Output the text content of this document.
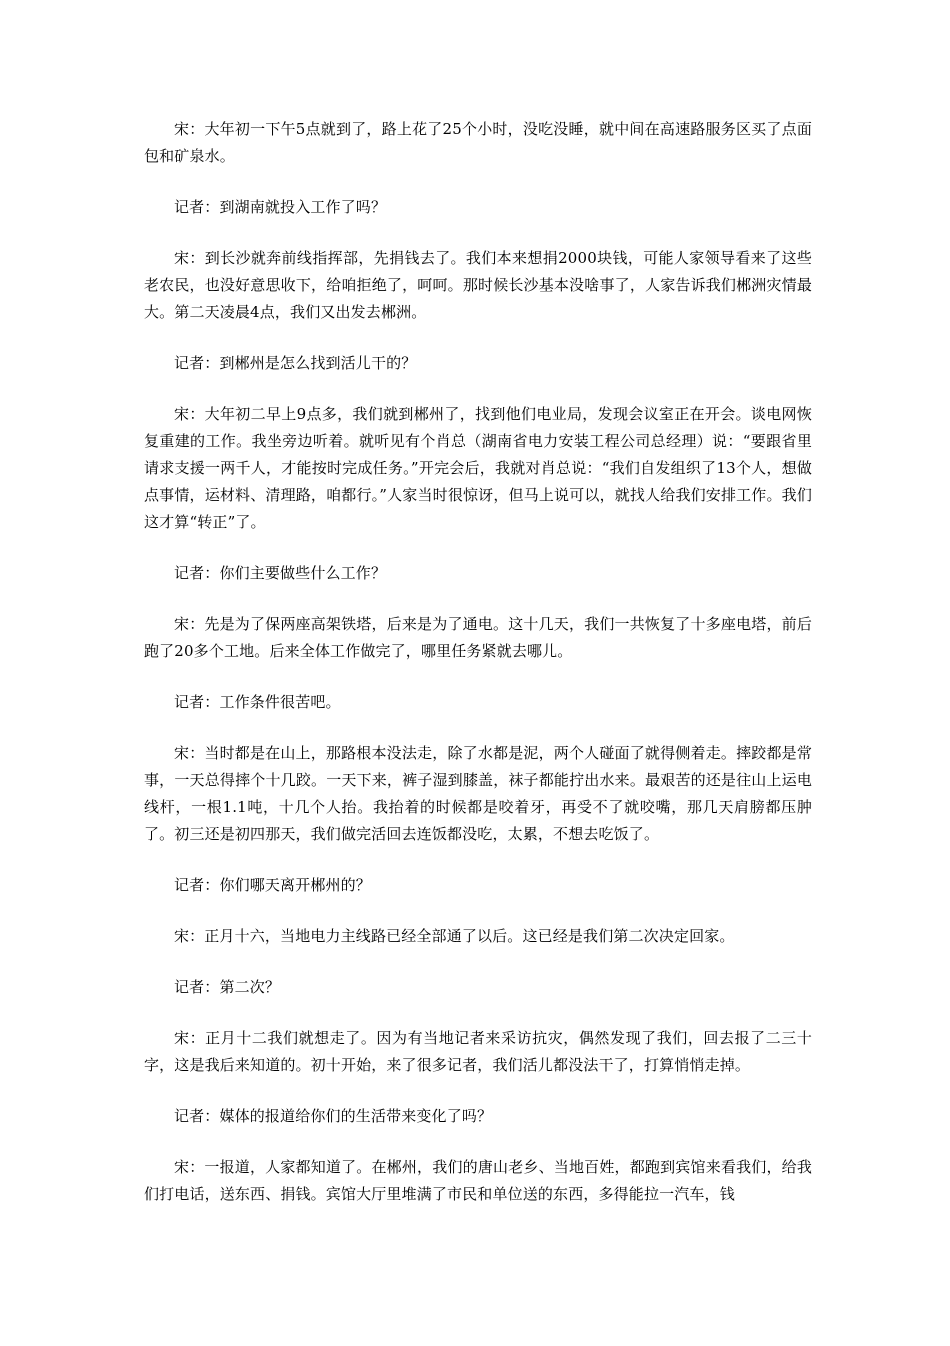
宋：大年初一下午5点就到了，路上花了25个小时，没吃没睡，就中间在高速路服务区买了点面包和矿泉水。

记者：到湖南就投入工作了吗？

宋：到长沙就奔前线指挥部，先捐钱去了。我们本来想捐2000块钱，可能人家领导看来了这些老农民，也没好意思收下，给咱拒绝了，呵呵。那时候长沙基本没啥事了，人家告诉我们郴洲灾情最大。第二天凌晨4点，我们又出发去郴洲。

记者：到郴州是怎么找到活儿干的？

宋：大年初二早上9点多，我们就到郴州了，找到他们电业局，发现会议室正在开会。谈电网恢复重建的工作。我坐旁边听着。就听见有个肖总（湖南省电力安装工程公司总经理）说：“要跟省里请求支援一两千人，才能按时完成任务。”开完会后，我就对肖总说：“我们自发组织了13个人，想做点事情，运材料、清理路，咱都行。”人家当时很惊讶，但马上说可以，就找人给我们安排工作。我们这才算“转正”了。

记者：你们主要做些什么工作？

宋：先是为了保两座高架铁塔，后来是为了通电。这十几天，我们一共恢复了十多座电塔，前后跑了20多个工地。后来全体工作做完了，哪里任务紧就去哪儿。

记者：工作条件很苦吧。

宋：当时都是在山上，那路根本没法走，除了水都是泥，两个人碰面了就得侧着走。摔跤都是常事，一天总得摔个十几跤。一天下来，裤子湿到膝盖，袜子都能拧出水来。最艰苦的还是往山上运电线杆，一根1.1吨，十几个人抬。我抬着的时候都是咬着牙，再受不了就咬嘴，那几天肩膀都压肿了。初三还是初四那天，我们做完活回去连饭都没吃，太累，不想去吃饭了。

记者：你们哪天离开郴州的？

宋：正月十六，当地电力主线路已经全部通了以后。这已经是我们第二次决定回家。

记者：第二次？

宋：正月十二我们就想走了。因为有当地记者来采访抗灾，偶然发现了我们，回去报了二三十字，这是我后来知道的。初十开始，来了很多记者，我们活儿都没法干了，打算悄悄走掉。

记者：媒体的报道给你们的生活带来变化了吗？

宋：一报道，人家都知道了。在郴州，我们的唐山老乡、当地百姓，都跑到宾馆来看我们，给我们打电话，送东西、捐钱。宾馆大厅里堆满了市民和单位送的东西，多得能拉一汽车，钱
